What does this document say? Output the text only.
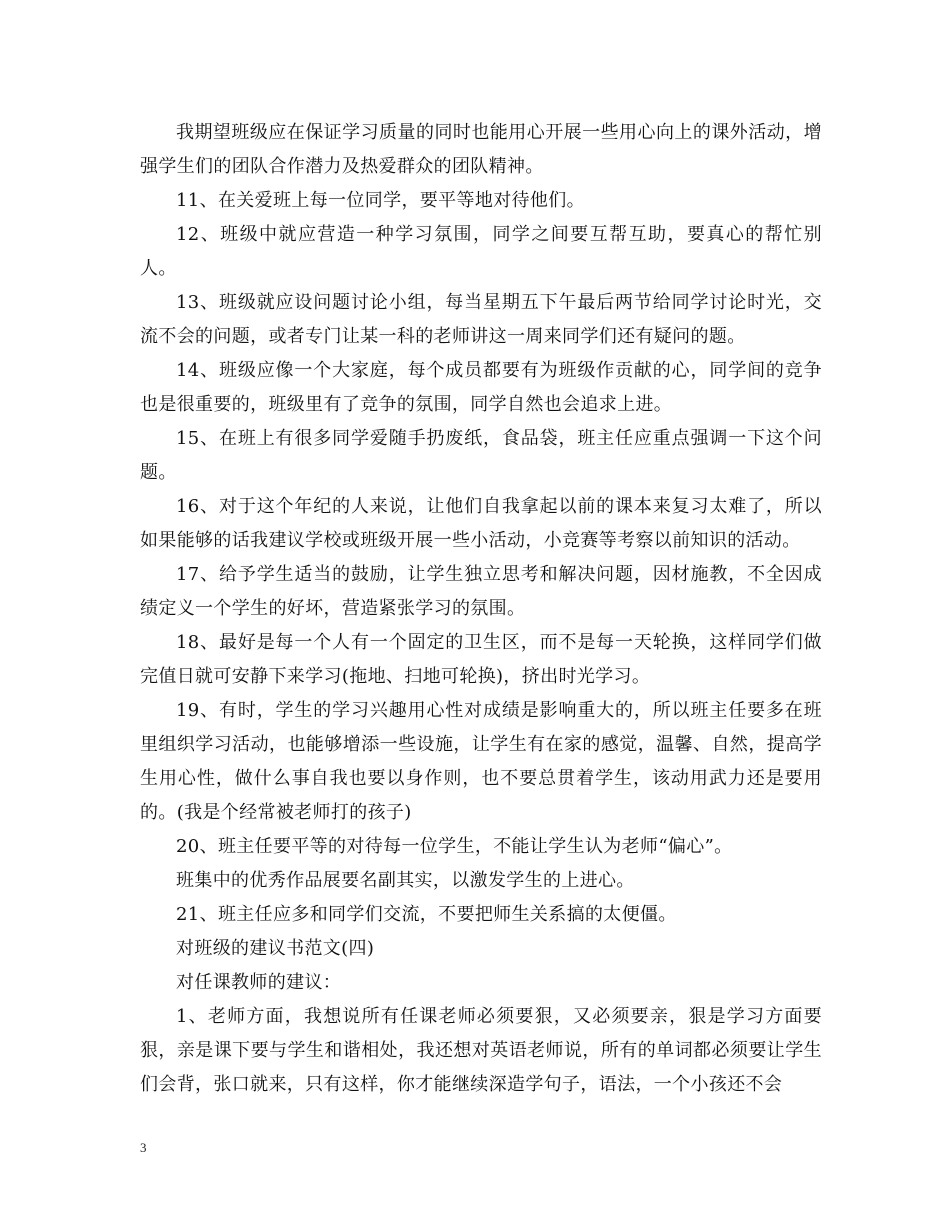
我期望班级应在保证学习质量的同时也能用心开展一些用心向上的课外活动，增强学生们的团队合作潜力及热爱群众的团队精神。

11、在关爱班上每一位同学，要平等地对待他们。

12、班级中就应营造一种学习氛围，同学之间要互帮互助，要真心的帮忙别人。

13、班级就应设问题讨论小组，每当星期五下午最后两节给同学讨论时光，交流不会的问题，或者专门让某一科的老师讲这一周来同学们还有疑问的题。

14、班级应像一个大家庭，每个成员都要有为班级作贡献的心，同学间的竞争也是很重要的，班级里有了竞争的氛围，同学自然也会追求上进。

15、在班上有很多同学爱随手扔废纸，食品袋，班主任应重点强调一下这个问题。

16、对于这个年纪的人来说，让他们自我拿起以前的课本来复习太难了，所以如果能够的话我建议学校或班级开展一些小活动，小竞赛等考察以前知识的活动。

17、给予学生适当的鼓励，让学生独立思考和解决问题，因材施教，不全因成绩定义一个学生的好坏，营造紧张学习的氛围。

18、最好是每一个人有一个固定的卫生区，而不是每一天轮换，这样同学们做完值日就可安静下来学习(拖地、扫地可轮换)，挤出时光学习。

19、有时，学生的学习兴趣用心性对成绩是影响重大的，所以班主任要多在班里组织学习活动，也能够增添一些设施，让学生有在家的感觉，温馨、自然，提高学生用心性，做什么事自我也要以身作则，也不要总贯着学生，该动用武力还是要用的。(我是个经常被老师打的孩子)

20、班主任要平等的对待每一位学生，不能让学生认为老师“偏心”。

班集中的优秀作品展要名副其实，以激发学生的上进心。

21、班主任应多和同学们交流，不要把师生关系搞的太便僵。

对班级的建议书范文(四)

对任课教师的建议：

1、老师方面，我想说所有任课老师必须要狠，又必须要亲，狠是学习方面要狠，亲是课下要与学生和谐相处，我还想对英语老师说，所有的单词都必须要让学生们会背，张口就来，只有这样，你才能继续深造学句子，语法，一个小孩还不会

3
